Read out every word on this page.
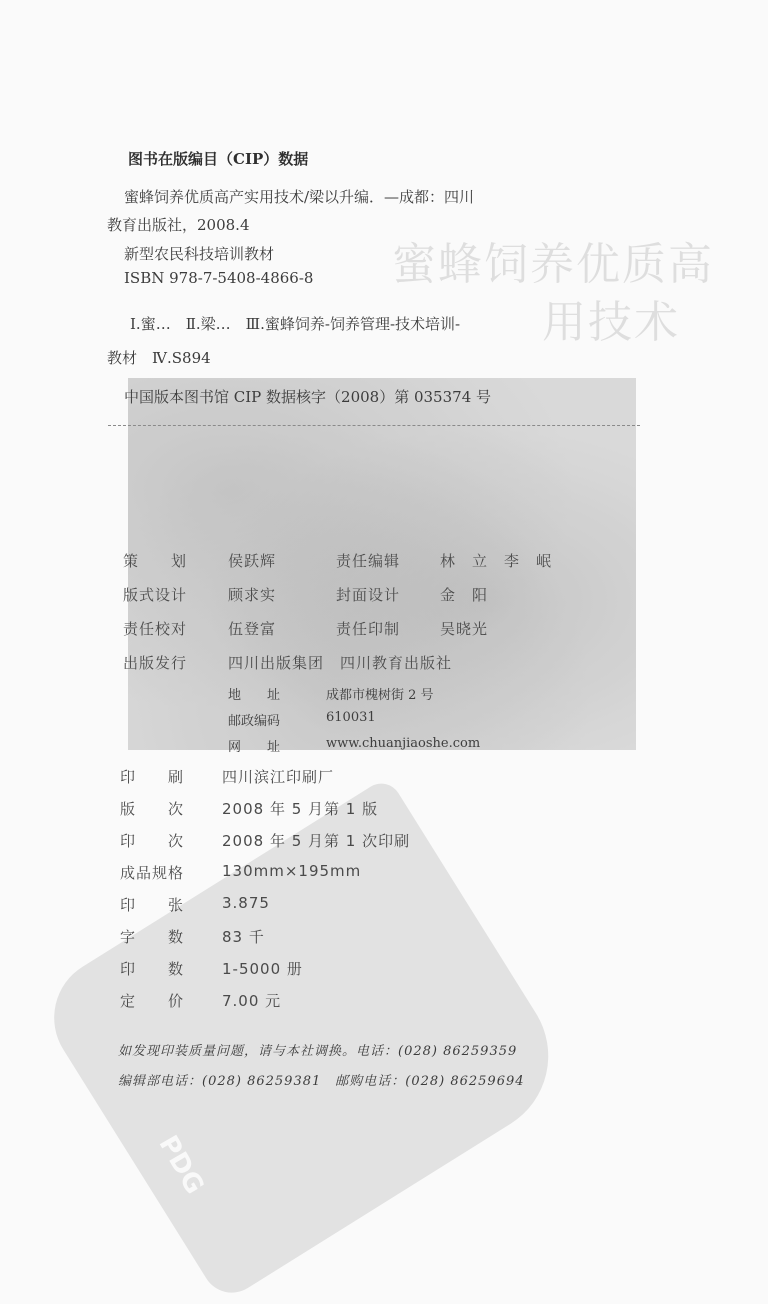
PDG
蜜蜂饲养优质高
用技术
图书在版编目（CIP）数据
蜜蜂饲养优质高产实用技术/梁以升编．—成都：四川
教育出版社，2008.4
新型农民科技培训教材
ISBN 978-7-5408-4866-8
Ⅰ.蜜…　Ⅱ.梁…　Ⅲ.蜜蜂饲养-饲养管理-技术培训-
教材　Ⅳ.S894
中国版本图书馆 CIP 数据核字（2008）第 035374 号
策　　划	侯跃辉	责任编辑	林　立　李　岷
版式设计	顾求实	封面设计	金　阳
责任校对	伍登富	责任印制	吴晓光
出版发行	四川出版集团　四川教育出版社
地　　址	成都市槐树街 2 号
邮政编码	610031
网　　址	www.chuanjiaoshe.com
印　　刷	四川滨江印刷厂
版　　次	2008 年 5 月第 1 版
印　　次	2008 年 5 月第 1 次印刷
成品规格	130mm×195mm
印　　张	3.875
字　　数	83 千
印　　数	1-5000 册
定　　价	7.00 元
如发现印装质量问题，请与本社调换。电话：(028) 86259359
编辑部电话：(028) 86259381　邮购电话：(028) 86259694
